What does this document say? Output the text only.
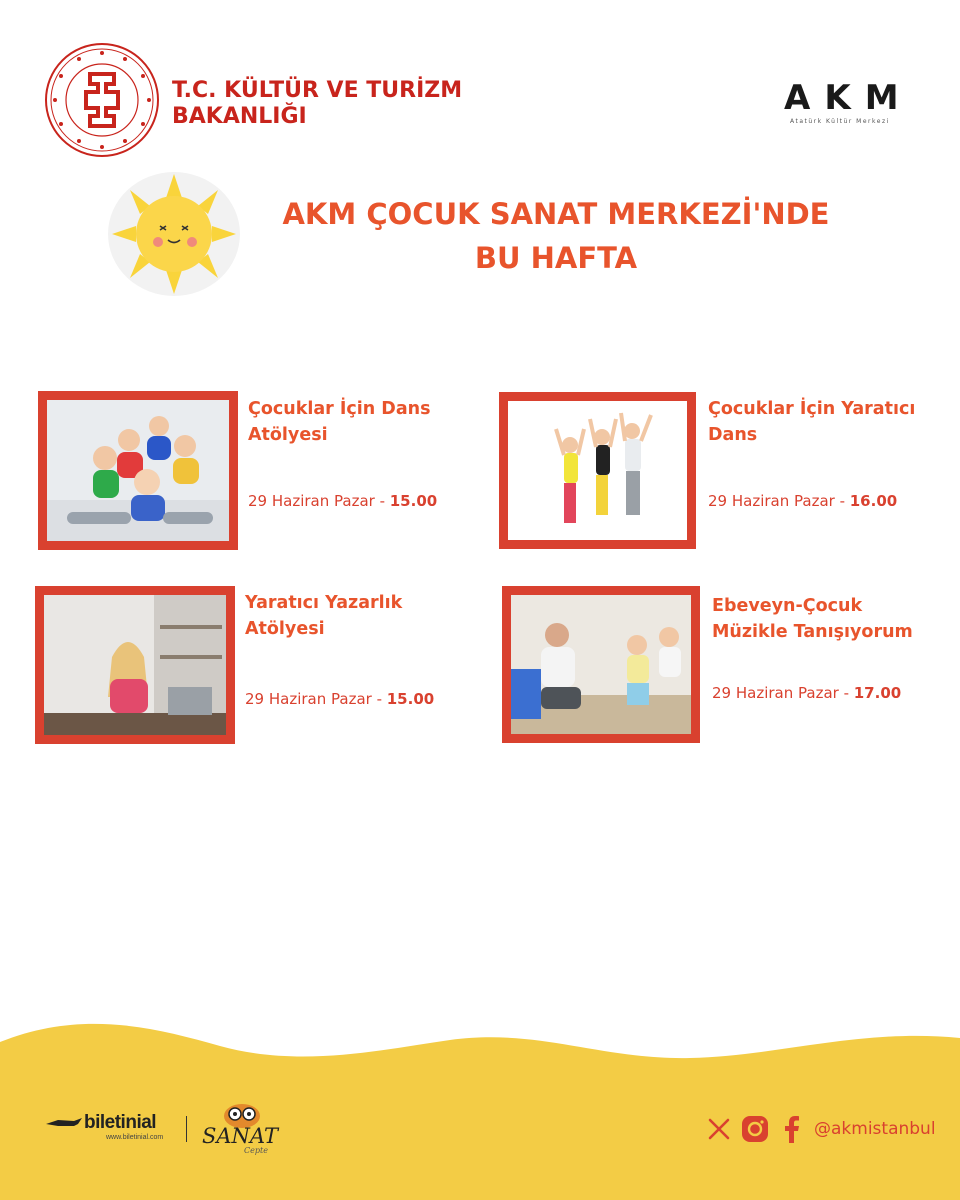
T.C. KÜLTÜR VE TURİZM
BAKANLIĞI	A K M
Atatürk Kültür Merkezi
AKM ÇOCUK SANAT MERKEZİ'NDE
BU HAFTA
Çocuklar İçin Dans
Atölyesi
29 Haziran Pazar - 15.00
Çocuklar İçin Yaratıcı
Dans
29 Haziran Pazar - 16.00
Yaratıcı Yazarlık
Atölyesi
29 Haziran Pazar - 15.00
Ebeveyn-Çocuk
Müzikle Tanışıyorum
29 Haziran Pazar - 17.00
biletinial
www.biletinial.com SANAT
Cepte
@akmistanbul
